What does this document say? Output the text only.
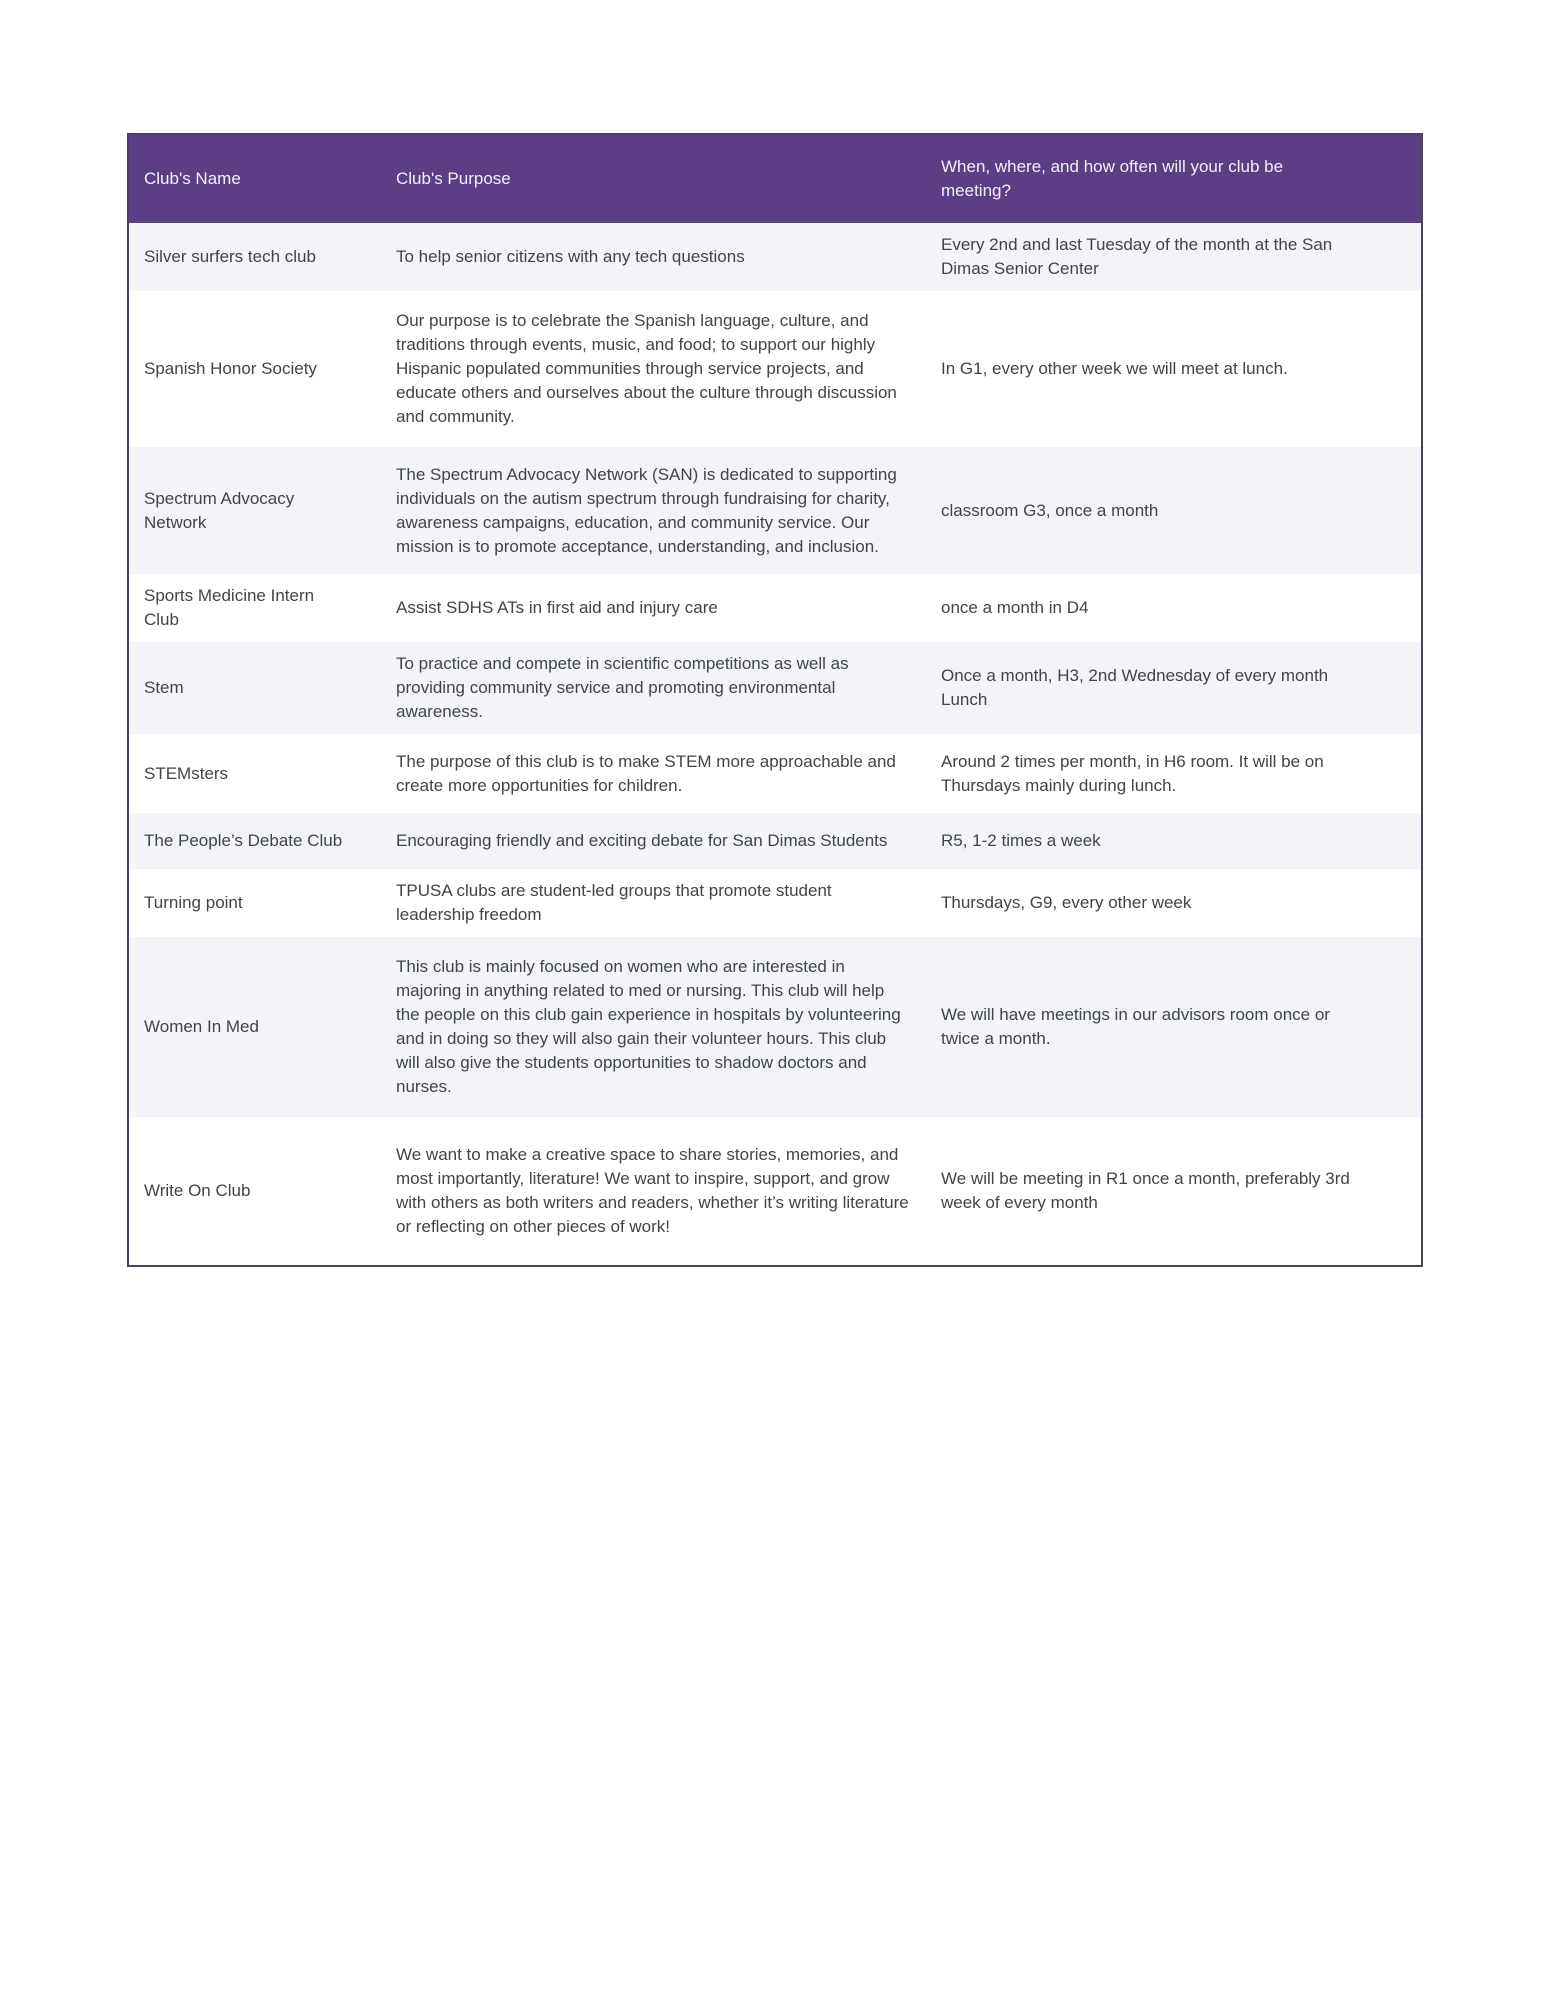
Club's Name	Club's Purpose	When, where, and how often will your club be meeting?
Silver surfers tech club	To help senior citizens with any tech questions	Every 2nd and last Tuesday of the month at the San Dimas Senior Center
Spanish Honor Society	Our purpose is to celebrate the Spanish language, culture, and traditions through events, music, and food; to support our highly Hispanic populated communities through service projects, and educate others and ourselves about the culture through discussion and community.	In G1, every other week we will meet at lunch.
Spectrum Advocacy Network	The Spectrum Advocacy Network (SAN) is dedicated to supporting individuals on the autism spectrum through fundraising for charity, awareness campaigns, education, and community service. Our mission is to promote acceptance, understanding, and inclusion.	classroom G3, once a month
Sports Medicine Intern Club	Assist SDHS ATs in first aid and injury care	once a month in D4
Stem	To practice and compete in scientific competitions as well as providing community service and promoting environmental awareness.	Once a month, H3, 2nd Wednesday of every month Lunch
STEMsters	The purpose of this club is to make STEM more approachable and create more opportunities for children.	Around 2 times per month, in H6 room. It will be on Thursdays mainly during lunch.
The People’s Debate Club	Encouraging friendly and exciting debate for San Dimas Students	R5, 1-2 times a week
Turning point	TPUSA clubs are student-led groups that promote student leadership freedom	Thursdays, G9, every other week
Women In Med	This club is mainly focused on women who are interested in majoring in anything related to med or nursing. This club will help the people on this club gain experience in hospitals by volunteering and in doing so they will also gain their volunteer hours. This club will also give the students opportunities to shadow doctors and nurses.	We will have meetings in our advisors room once or twice a month.
Write On Club	We want to make a creative space to share stories, memories, and most importantly, literature! We want to inspire, support, and grow with others as both writers and readers, whether it’s writing literature or reflecting on other pieces of work!	We will be meeting in R1 once a month, preferably 3rd week of every month
